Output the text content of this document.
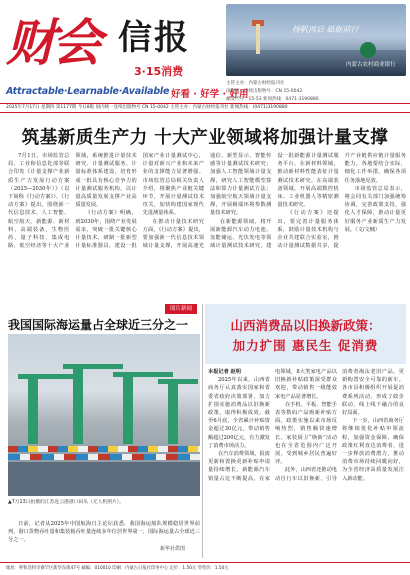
财会 信报
3·15消费
Attractable·Learnable·Available 好看 · 好学 · 好用
扬帆再启 砥砺前行
内蒙古农村商业银行
主管主办：内蒙古财经报刊社
国内统一连续出版物号：CN 15-0042
邮发代号：15-53 新闻热线：0471-3190880
2025年7月17日 星期四 第1177期 今日8版 国内统一连续出版物号 CN 15-0042 主管主办：内蒙古财经报刊社 新闻热线：(0471)3190880
筑基新质生产力 十大产业领域将加强计量支撑

7月1日，市场监管总局、工业和信息化部等联合印发《计量支撑产业新质生产力发展行动方案（2025—2030年）》（以下简称《行动方案》）。《行动方案》提出，围绕新一代信息技术、人工智能、航空航天、新能源、新材料、高端装备、生物医药、量子科技、集成电路、低空经济等十大产业领域，系统推进计量技术研究、计量测试服务、计量标准体系建设，培育形成一批具有核心竞争力的计量测试服务机构，以计量高质量发展支撑产业高质量发展。

《行动方案》明确，到2030年，围绕产业发展需求，突破一批关键核心计量技术，研制一批新型计量标准器具，建设一批国家产业计量测试中心，计量对新兴产业和未来产业的支撑能力显著增强。市场监管总局相关负责人介绍，将聚焦产业链关键环节，开展计量测试技术攻关，加快构建国家现代先进测量体系。

在推动计量技术研究方面，《行动方案》提出，要加强新一代信息技术领域计量支撑，开展高速光通信、新型显示、智能传感等计量测试技术研究；加强人工智能领域计量支撑，研究人工智能模型算法和算力计量测试方法；加强航空航天领域计量支撑，开展极端环境参数测量技术研究。

在新能源领域，将开展新能源汽车动力电池、氢能储运、光伏发电等领域计量测试技术研究，建设一批新能源计量测试服务平台。在新材料领域，推动新材料性能表征计量测试技术研究。在高端装备领域，开展高端数控机床、工业机器人等精密测量技术研究。

《行动方案》还提出，要完善计量服务体系，鼓励计量技术机构与企业共建联合实验室，推动计量测试数据共享，提升产业链供应链计量服务能力。各地要结合实际，细化工作举措，确保各项任务落地见效。

市场监管总局表示，将会同有关部门加强统筹协调，完善政策支持，强化人才保障，推动计量更好服务产业新质生产力发展。（文/文楠）

图片新闻
我国国际海运量占全球近三分之一
▲7月13日拍摄的江苏连云港港口码头（无人机照片）。
日前，记者从2025年中国航海日主论坛获悉，我国海运船队规模稳居世界前列，港口货物吞吐量和集装箱吞吐量连续多年位居世界第一，国际海运量占全球近三分之一。
新华社供图
山西消费品以旧换新政策：
加力扩围 惠民生 促消费

本报记者 赵明

2025年以来，山西省商务厅认真落实国家和省委省政府决策部署，加力扩围实施消费品以旧换新政策，取得积极成效。截至6月底，全省累计补贴资金超过30亿元，带动销售额超过200亿元，有力激发了消费市场活力。

在汽车消费领域，报废更新和置换更新补贴申请量持续增长，新能源汽车销量占比不断提高。在家电领域，8大类家电产品以旧换新补贴政策深受群众欢迎，带动销售一级能效家电产品显著增长。

在手机、平板、智能手表等数码产品购新补贴方面，政策实施以来市场反响热烈，销售额快速增长。家装厨卫“焕新”活动也在全省范围内广泛开展，受到城乡居民普遍好评。

此外，山西省还推动电动自行车以旧换新，引导消费者淘汰老旧产品，更新购置安全可靠的新车。各市县积极组织开展促消费系列活动，形成了政企联动、线上线下融合的良好局面。

下一步，山西省商务厅将继续优化补贴申领流程，加强资金保障，确保政策红利直达消费者，进一步释放消费潜力，推动消费市场持续回暖向好，为全省经济高质量发展注入新动能。

地址：呼和浩特市赛罕区新华东街47号 邮编：010010 印刷：内蒙古日报社印务中心 定价：1.50元 零售价：1.50元
